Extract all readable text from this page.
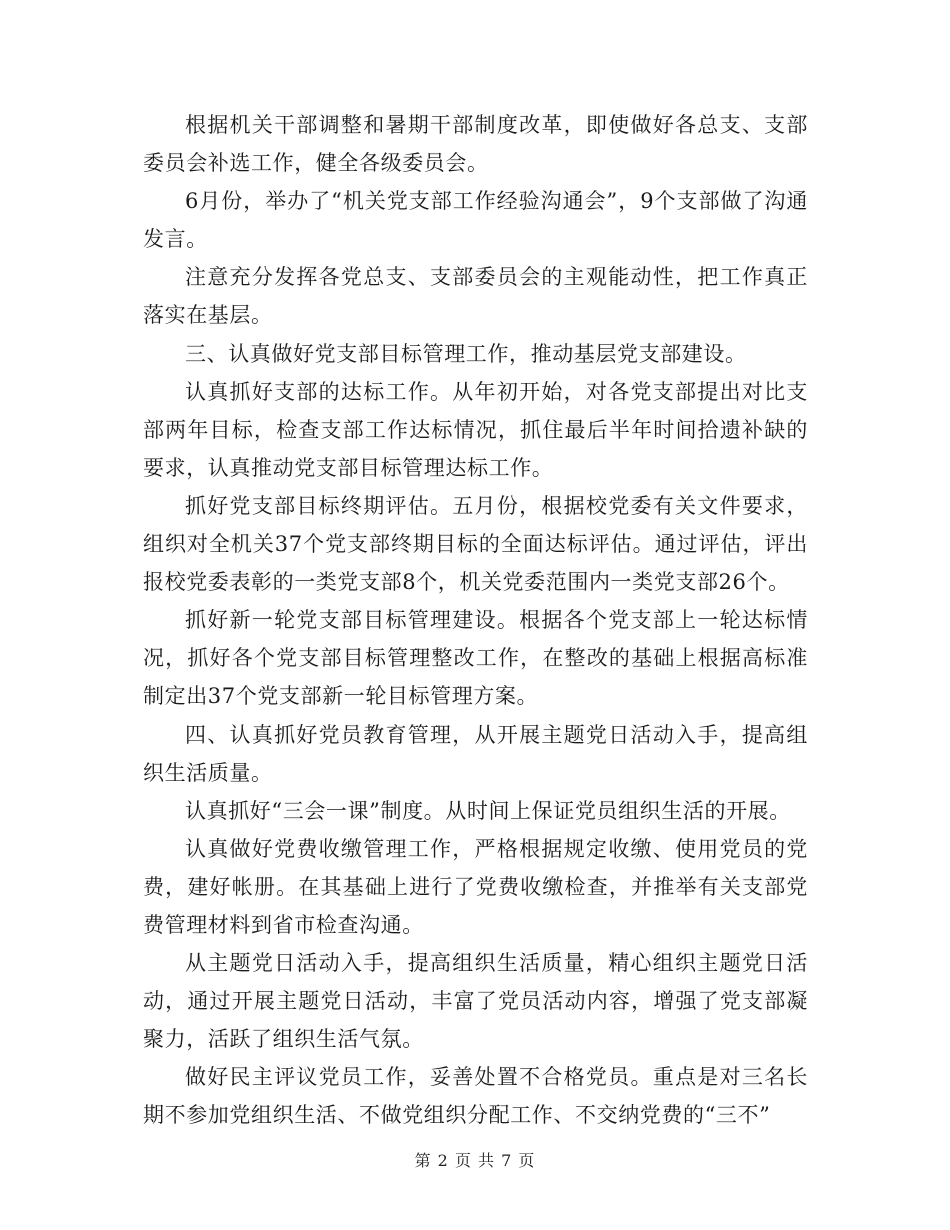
根据机关干部调整和暑期干部制度改革，即使做好各总支、支部委员会补选工作，健全各级委员会。

6月份，举办了“机关党支部工作经验沟通会”，9个支部做了沟通发言。

注意充分发挥各党总支、支部委员会的主观能动性，把工作真正落实在基层。

三、认真做好党支部目标管理工作，推动基层党支部建设。

认真抓好支部的达标工作。从年初开始，对各党支部提出对比支部两年目标，检查支部工作达标情况，抓住最后半年时间拾遗补缺的要求，认真推动党支部目标管理达标工作。

抓好党支部目标终期评估。五月份，根据校党委有关文件要求，组织对全机关37个党支部终期目标的全面达标评估。通过评估，评出报校党委表彰的一类党支部8个，机关党委范围内一类党支部26个。

抓好新一轮党支部目标管理建设。根据各个党支部上一轮达标情况，抓好各个党支部目标管理整改工作，在整改的基础上根据高标准制定出37个党支部新一轮目标管理方案。

四、认真抓好党员教育管理，从开展主题党日活动入手，提高组织生活质量。

认真抓好“三会一课”制度。从时间上保证党员组织生活的开展。

认真做好党费收缴管理工作，严格根据规定收缴、使用党员的党费，建好帐册。在其基础上进行了党费收缴检查，并推举有关支部党费管理材料到省市检查沟通。

从主题党日活动入手，提高组织生活质量，精心组织主题党日活动，通过开展主题党日活动，丰富了党员活动内容，增强了党支部凝聚力，活跃了组织生活气氛。

做好民主评议党员工作，妥善处置不合格党员。重点是对三名长期不参加党组织生活、不做党组织分配工作、不交纳党费的“三不”

第 2 页 共 7 页
